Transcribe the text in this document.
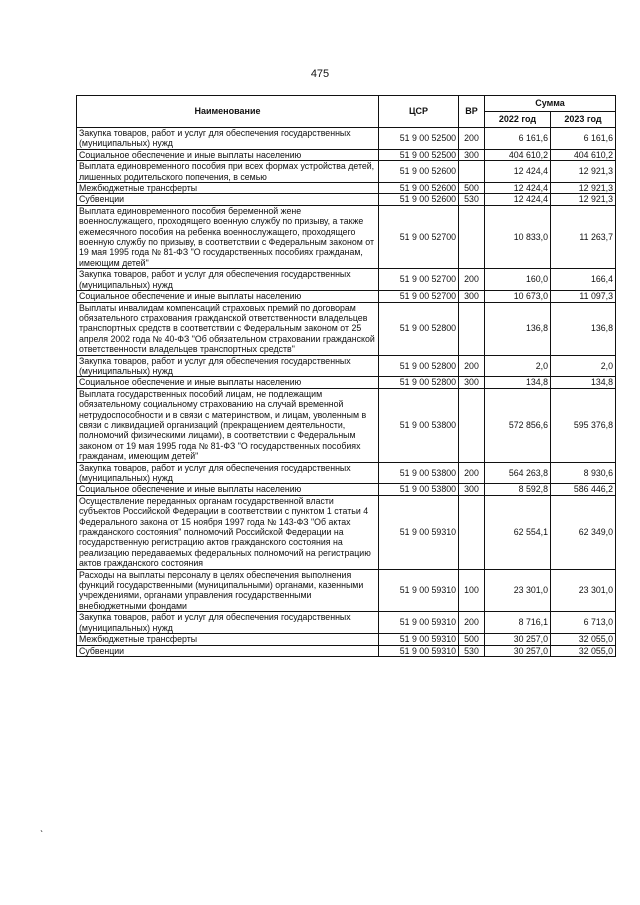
475
Наименование	ЦСР	ВР	Сумма	
			2022 год	2023 год
Закупка товаров, работ и услуг для обеспечения государственных (муниципальных) нужд	51 9 00 52500	200	6 161,6	6 161,6
Социальное обеспечение и иные выплаты населению	51 9 00 52500	300	404 610,2	404 610,2
Выплата единовременного пособия при всех формах устройства детей, лишенных родительского попечения, в семью	51 9 00 52600		12 424,4	12 921,3
Межбюджетные трансферты	51 9 00 52600	500	12 424,4	12 921,3
Субвенции	51 9 00 52600	530	12 424,4	12 921,3
Выплата единовременного пособия беременной жене военнослужащего, проходящего военную службу по призыву, а также ежемесячного пособия на ребенка военнослужащего, проходящего военную службу по призыву, в соответствии с Федеральным законом от 19 мая 1995 года № 81-ФЗ "О государственных пособиях гражданам, имеющим детей"	51 9 00 52700		10 833,0	11 263,7
Закупка товаров, работ и услуг для обеспечения государственных (муниципальных) нужд	51 9 00 52700	200	160,0	166,4
Социальное обеспечение и иные выплаты населению	51 9 00 52700	300	10 673,0	11 097,3
Выплаты инвалидам компенсаций страховых премий по договорам обязательного страхования гражданской ответственности владельцев транспортных средств в соответствии с Федеральным законом от 25 апреля 2002 года № 40-ФЗ "Об обязательном страховании гражданской ответственности владельцев транспортных средств"	51 9 00 52800		136,8	136,8
Закупка товаров, работ и услуг для обеспечения государственных (муниципальных) нужд	51 9 00 52800	200	2,0	2,0
Социальное обеспечение и иные выплаты населению	51 9 00 52800	300	134,8	134,8
Выплата государственных пособий лицам, не подлежащим обязательному социальному страхованию на случай временной нетрудоспособности и в связи с материнством, и лицам, уволенным в связи с ликвидацией организаций (прекращением деятельности, полномочий физическими лицами), в соответствии с Федеральным законом от 19 мая 1995 года № 81-ФЗ "О государственных пособиях гражданам, имеющим детей"	51 9 00 53800		572 856,6	595 376,8
Закупка товаров, работ и услуг для обеспечения государственных (муниципальных) нужд	51 9 00 53800	200	564 263,8	8 930,6
Социальное обеспечение и иные выплаты населению	51 9 00 53800	300	8 592,8	586 446,2
Осуществление переданных органам государственной власти субъектов Российской Федерации в соответствии с пунктом 1 статьи 4 Федерального закона от 15 ноября 1997 года № 143-ФЗ "Об актах гражданского состояния" полномочий Российской Федерации на государственную регистрацию актов гражданского состояния на реализацию передаваемых федеральных полномочий на регистрацию актов гражданского состояния	51 9 00 59310		62 554,1	62 349,0
Расходы на выплаты персоналу в целях обеспечения выполнения функций государственными (муниципальными) органами, казенными учреждениями, органами управления государственными внебюджетными фондами	51 9 00 59310	100	23 301,0	23 301,0
Закупка товаров, работ и услуг для обеспечения государственных (муниципальных) нужд	51 9 00 59310	200	8 716,1	6 713,0
Межбюджетные трансферты	51 9 00 59310	500	30 257,0	32 055,0
Субвенции	51 9 00 59310	530	30 257,0	32 055,0
ˋ
